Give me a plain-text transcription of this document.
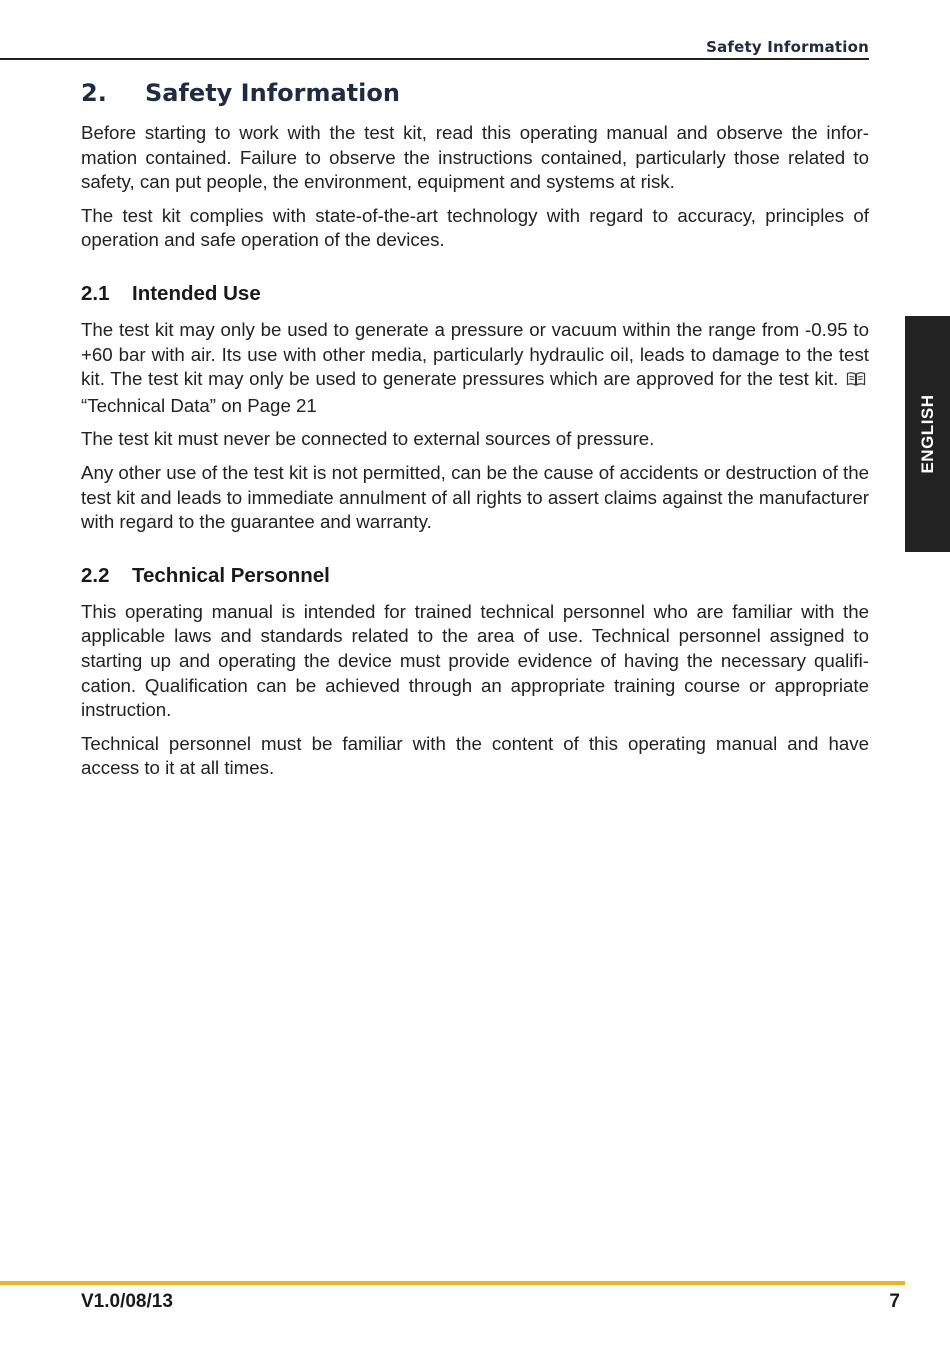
Safety Information
ENGLISH
2.	Safety Information

Before starting to work with the test kit, read this operating manual and observe the infor-mation contained. Failure to observe the instructions contained, particularly those related to safety, can put people, the environment, equipment and systems at risk.

The test kit complies with state-of-the-art technology with regard to accuracy, principles of operation and safe operation of the devices.

2.1	Intended Use

The test kit may only be used to generate a pressure or vacuum within the range from -0.95 to +60 bar with air. Its use with other media, particularly hydraulic oil, leads to damage to the test kit. The test kit may only be used to generate pressures which are approved for the test kit. “Technical Data” on Page 21

The test kit must never be connected to external sources of pressure.

Any other use of the test kit is not permitted, can be the cause of accidents or destruction of the test kit and leads to immediate annulment of all rights to assert claims against the manufacturer with regard to the guarantee and warranty.

2.2	Technical Personnel

This operating manual is intended for trained technical personnel who are familiar with the applicable laws and standards related to the area of use. Technical personnel assigned to starting up and operating the device must provide evidence of having the necessary qualifi-cation. Qualification can be achieved through an appropriate training course or appropriate instruction.

Technical personnel must be familiar with the content of this operating manual and have access to it at all times.

V1.0/08/13	7
